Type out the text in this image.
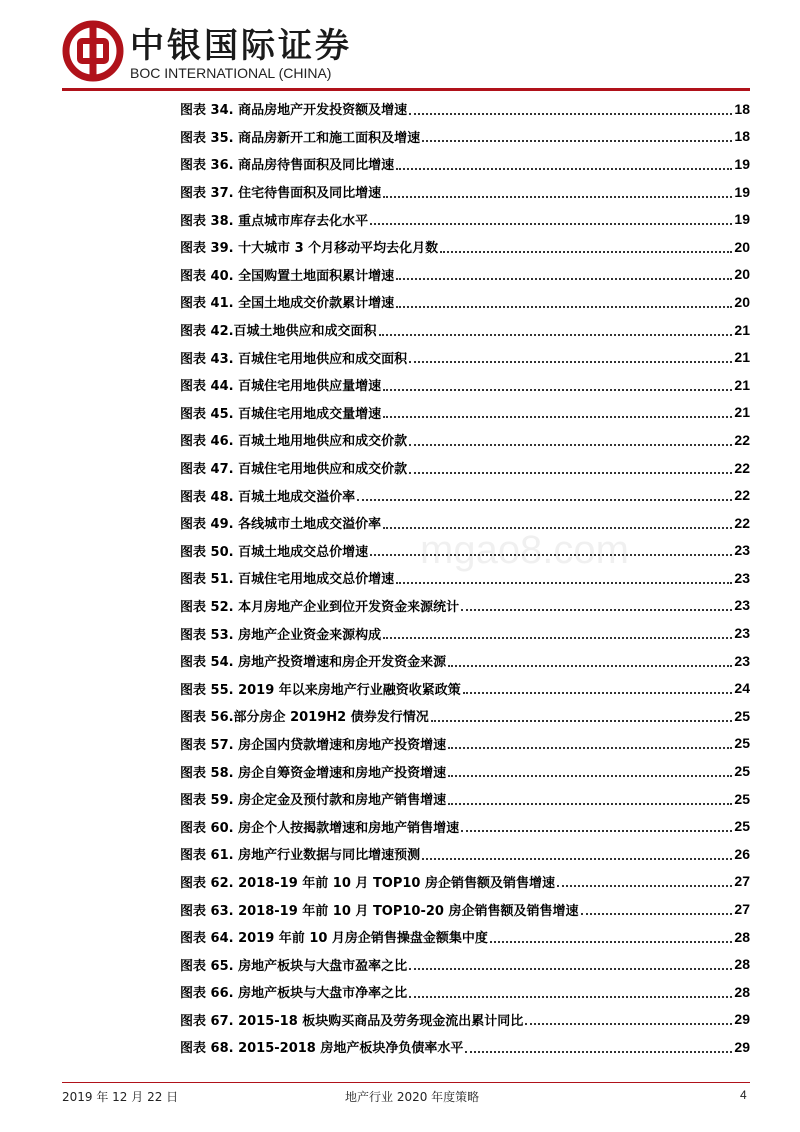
中银国际证券
BOC INTERNATIONAL (CHINA)
图表 34. 商品房地产开发投资额及增速	18
图表 35. 商品房新开工和施工面积及增速	18
图表 36. 商品房待售面积及同比增速	19
图表 37. 住宅待售面积及同比增速	19
图表 38. 重点城市库存去化水平	19
图表 39. 十大城市 3 个月移动平均去化月数	20
图表 40. 全国购置土地面积累计增速	20
图表 41. 全国土地成交价款累计增速	20
图表 42.百城土地供应和成交面积	21
图表 43. 百城住宅用地供应和成交面积	21
图表 44. 百城住宅用地供应量增速	21
图表 45. 百城住宅用地成交量增速	21
图表 46. 百城土地用地供应和成交价款	22
图表 47. 百城住宅用地供应和成交价款	22
图表 48. 百城土地成交溢价率	22
图表 49. 各线城市土地成交溢价率	22
图表 50. 百城土地成交总价增速	23
图表 51. 百城住宅用地成交总价增速	23
图表 52. 本月房地产企业到位开发资金来源统计	23
图表 53. 房地产企业资金来源构成	23
图表 54. 房地产投资增速和房企开发资金来源	23
图表 55. 2019 年以来房地产行业融资收紧政策	24
图表 56.部分房企 2019H2 债券发行情况	25
图表 57. 房企国内贷款增速和房地产投资增速	25
图表 58. 房企自筹资金增速和房地产投资增速	25
图表 59. 房企定金及预付款和房地产销售增速	25
图表 60. 房企个人按揭款增速和房地产销售增速	25
图表 61. 房地产行业数据与同比增速预测	26
图表 62. 2018-19 年前 10 月 TOP10 房企销售额及销售增速	27
图表 63. 2018-19 年前 10 月 TOP10-20 房企销售额及销售增速	27
图表 64. 2019 年前 10 月房企销售操盘金额集中度	28
图表 65. 房地产板块与大盘市盈率之比	28
图表 66. 房地产板块与大盘市净率之比	28
图表 67. 2015-18 板块购买商品及劳务现金流出累计同比	29
图表 68. 2015-2018 房地产板块净负债率水平	29
mgao8.com
2019 年 12 月 22 日	地产行业 2020 年度策略	4
